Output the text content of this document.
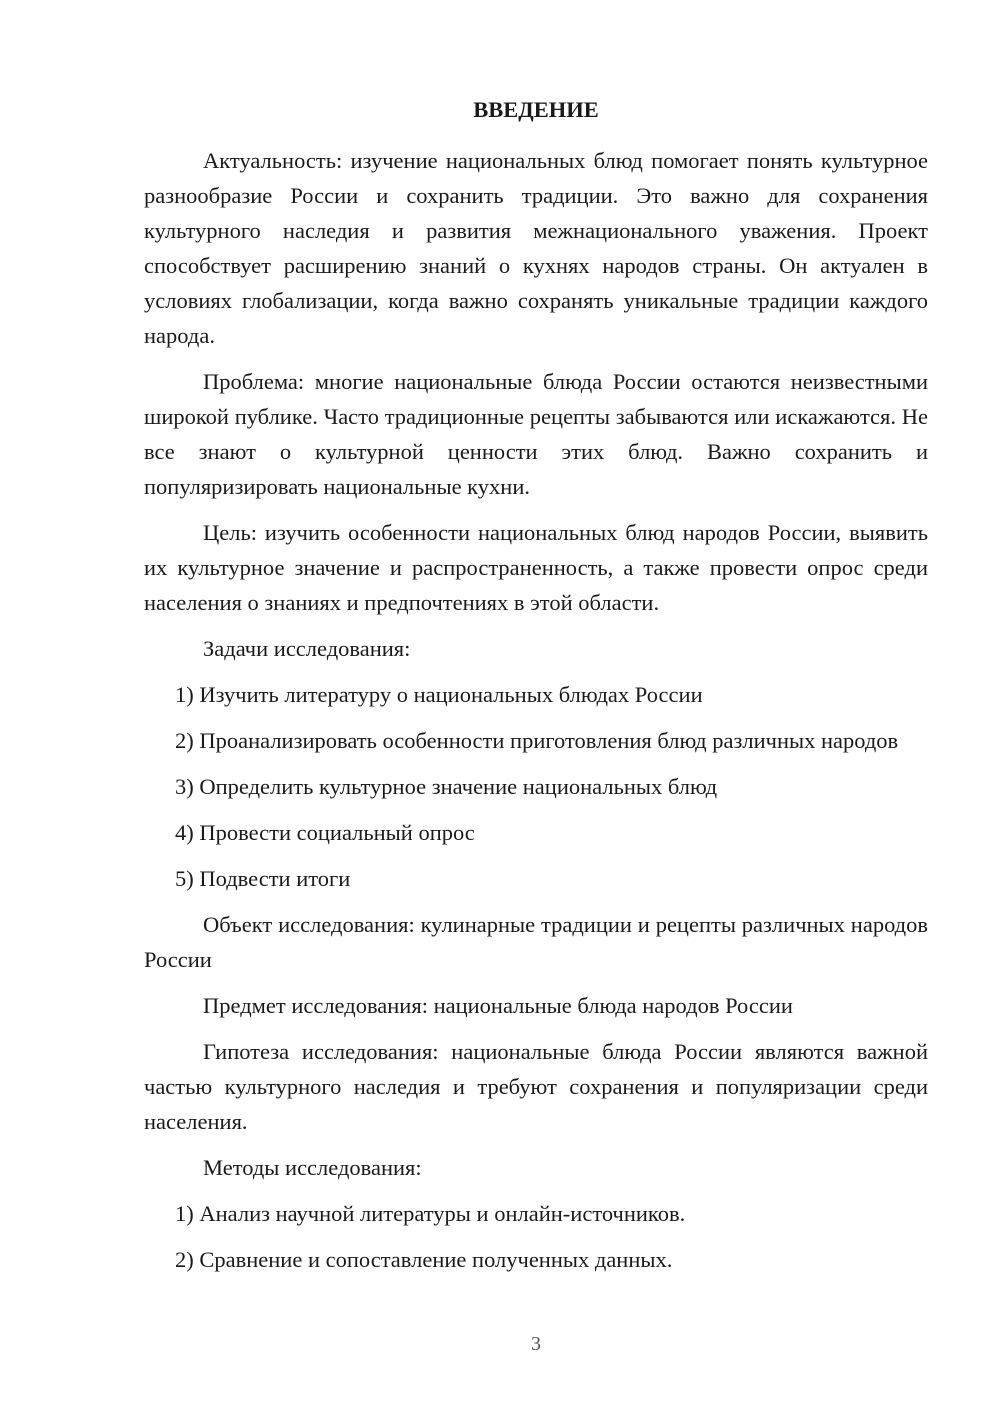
ВВЕДЕНИЕ

Актуальность: изучение национальных блюд помогает понять культурное разнообразие России и сохранить традиции. Это важно для сохранения культурного наследия и развития межнационального уважения. Проект способствует расширению знаний о кухнях народов страны. Он актуален в условиях глобализации, когда важно сохранять уникальные традиции каждого народа.

Проблема: многие национальные блюда России остаются неизвестными широкой публике. Часто традиционные рецепты забываются или искажаются. Не все знают о культурной ценности этих блюд. Важно сохранить и популяризировать национальные кухни.

Цель: изучить особенности национальных блюд народов России, выявить их культурное значение и распространенность, а также провести опрос среди населения о знаниях и предпочтениях в этой области.

Задачи исследования:

1) Изучить литературу о национальных блюдах России

2) Проанализировать особенности приготовления блюд различных народов

3) Определить культурное значение национальных блюд

4) Провести социальный опрос

5) Подвести итоги

Объект исследования: кулинарные традиции и рецепты различных народов России

Предмет исследования: национальные блюда народов России

Гипотеза исследования: национальные блюда России являются важной частью культурного наследия и требуют сохранения и популяризации среди населения.

Методы исследования:

1) Анализ научной литературы и онлайн-источников.

2) Сравнение и сопоставление полученных данных.

3
